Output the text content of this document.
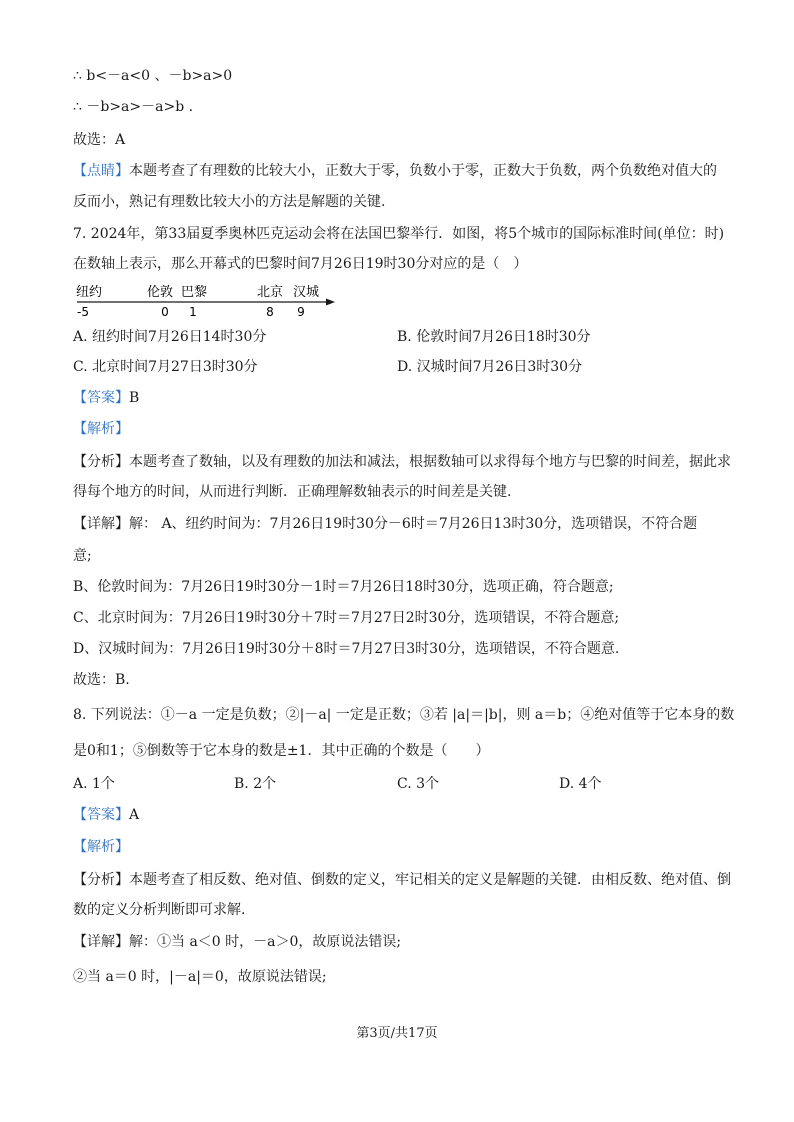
∴ b<－a<0 、－b>a>0
∴ －b>a>－a>b .
故选：A
【点睛】本题考查了有理数的比较大小，正数大于零，负数小于零，正数大于负数，两个负数绝对值大的
反而小，熟记有理数比较大小的方法是解题的关键.
7. 2024年，第33届夏季奥林匹克运动会将在法国巴黎举行．如图，将5个城市的国际标准时间(单位：时)
在数轴上表示，那么开幕式的巴黎时间7月26日19时30分对应的是（　）
纽约	伦敦 巴黎	北京 汉城
-5	0 1	8 9
A. 纽约时间7月26日14时30分	B. 伦敦时间7月26日18时30分
C. 北京时间7月27日3时30分	D. 汉城时间7月26日3时30分
【答案】B
【解析】
【分析】本题考查了数轴，以及有理数的加法和减法，根据数轴可以求得每个地方与巴黎的时间差，据此求
得每个地方的时间，从而进行判断．正确理解数轴表示的时间差是关键.
【详解】解： A、纽约时间为：7月26日19时30分－6时＝7月26日13时30分，选项错误，不符合题
意;
B、伦敦时间为：7月26日19时30分－1时＝7月26日18时30分，选项正确，符合题意;
C、北京时间为：7月26日19时30分＋7时＝7月27日2时30分，选项错误，不符合题意;
D、汉城时间为：7月26日19时30分＋8时＝7月27日3时30分，选项错误，不符合题意.
故选：B.
8. 下列说法：①－a 一定是负数；②|－a| 一定是正数；③若 |a|＝|b|，则 a＝b；④绝对值等于它本身的数
是0和1；⑤倒数等于它本身的数是±1．其中正确的个数是（　　）
A. 1个	B. 2个	C. 3个	D. 4个
【答案】A
【解析】
【分析】本题考查了相反数、绝对值、倒数的定义，牢记相关的定义是解题的关键．由相反数、绝对值、倒
数的定义分析判断即可求解.
【详解】解：①当 a＜0 时，－a＞0，故原说法错误;
②当 a＝0 时，|－a|＝0，故原说法错误;
第3页/共17页
